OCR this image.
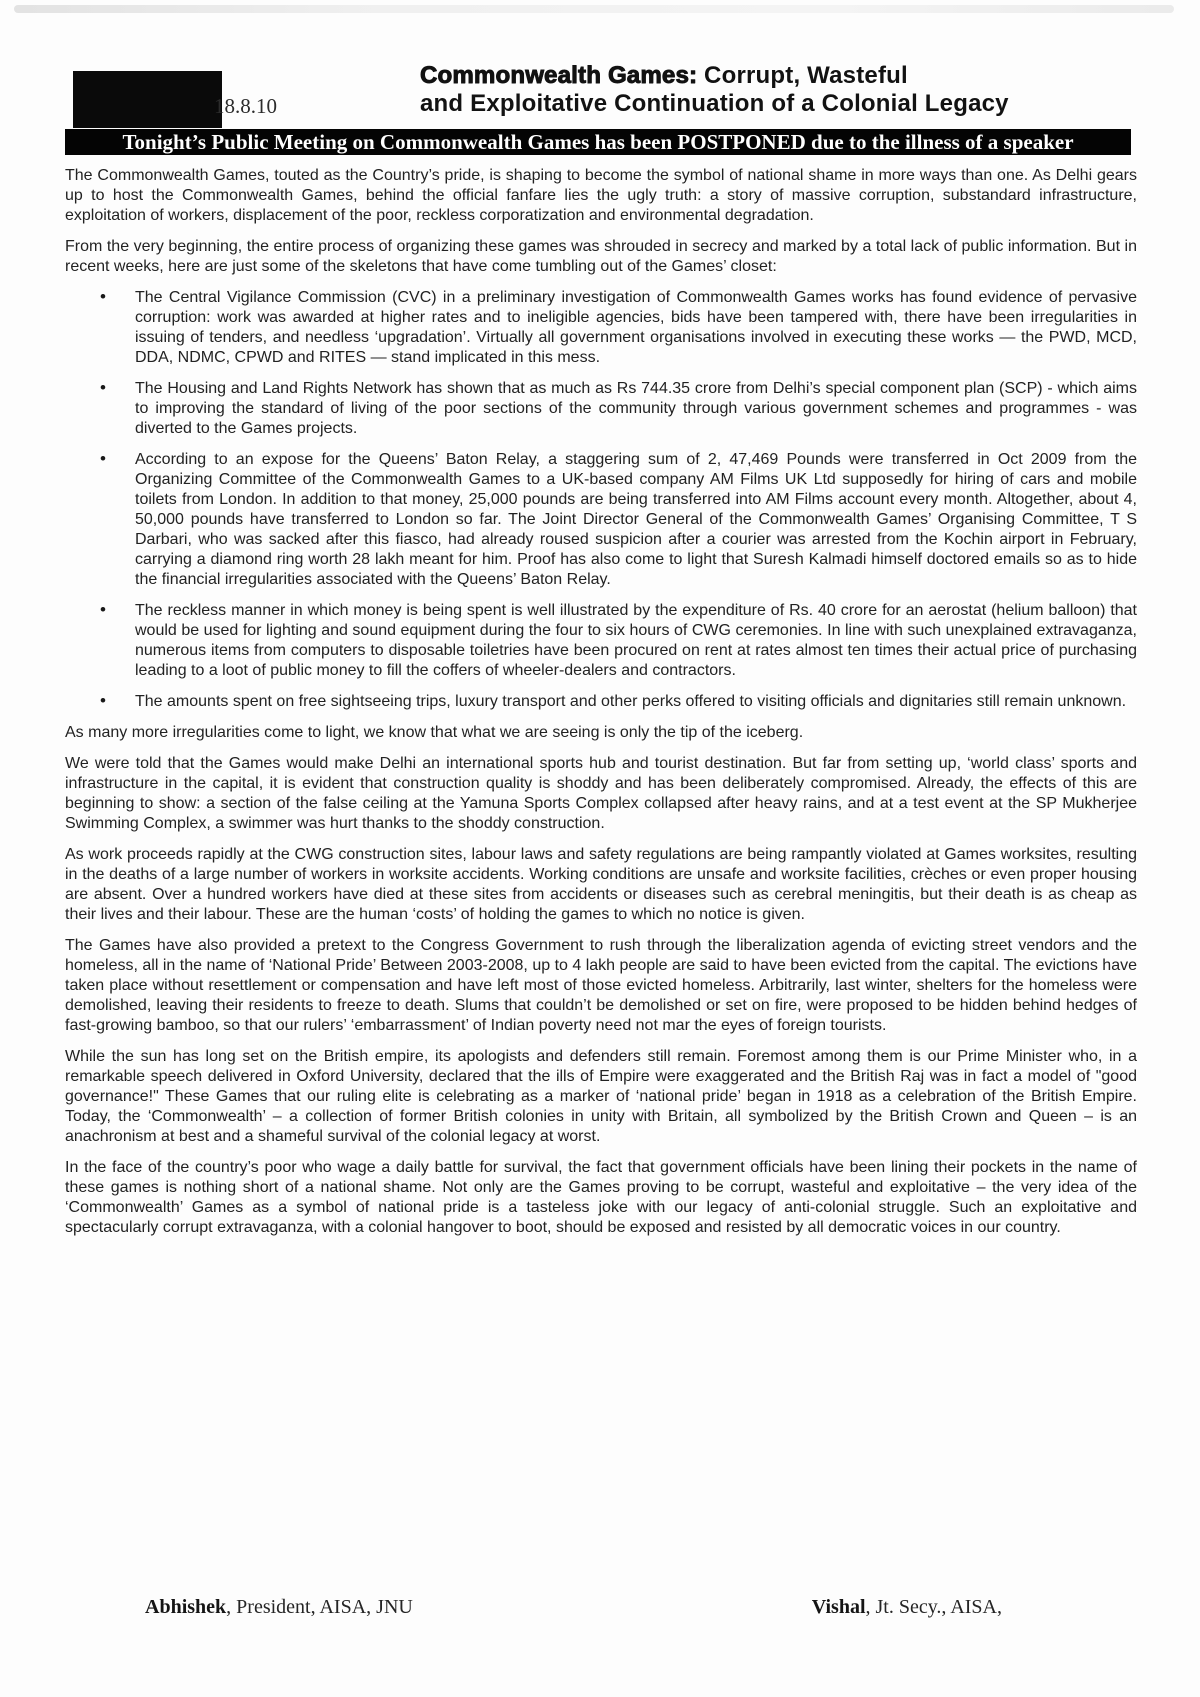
18.8.10
Commonwealth Games: Corrupt, Wasteful
and Exploitative Continuation of a Colonial Legacy
Tonight’s Public Meeting on Commonwealth Games has been POSTPONED due to the illness of a speaker

The Commonwealth Games, touted as the Country’s pride, is shaping to become the symbol of national shame in more ways than one. As Delhi gears up to host the Commonwealth Games, behind the official fanfare lies the ugly truth: a story of massive corruption, substandard infrastructure, exploitation of workers, displacement of the poor, reckless corporatization and environmental degradation.

From the very beginning, the entire process of organizing these games was shrouded in secrecy and marked by a total lack of public information. But in recent weeks, here are just some of the skeletons that have come tumbling out of the Games’ closet:

• The Central Vigilance Commission (CVC) in a preliminary investigation of Commonwealth Games works has found evidence of pervasive corruption: work was awarded at higher rates and to ineligible agencies, bids have been tampered with, there have been irregularities in issuing of tenders, and needless ‘upgradation’. Virtually all government organisations involved in executing these works — the PWD, MCD, DDA, NDMC, CPWD and RITES — stand implicated in this mess.
• The Housing and Land Rights Network has shown that as much as Rs 744.35 crore from Delhi’s special component plan (SCP) - which aims to improving the standard of living of the poor sections of the community through various government schemes and programmes - was diverted to the Games projects.
• According to an expose for the Queens’ Baton Relay, a staggering sum of 2, 47,469 Pounds were transferred in Oct 2009 from the Organizing Committee of the Commonwealth Games to a UK-based company AM Films UK Ltd supposedly for hiring of cars and mobile toilets from London. In addition to that money, 25,000 pounds are being transferred into AM Films account every month. Altogether, about 4, 50,000 pounds have transferred to London so far. The Joint Director General of the Commonwealth Games’ Organising Committee, T S Darbari, who was sacked after this fiasco, had already roused suspicion after a courier was arrested from the Kochin airport in February, carrying a diamond ring worth 28 lakh meant for him. Proof has also come to light that Suresh Kalmadi himself doctored emails so as to hide the financial irregularities associated with the Queens’ Baton Relay.
• The reckless manner in which money is being spent is well illustrated by the expenditure of Rs. 40 crore for an aerostat (helium balloon) that would be used for lighting and sound equipment during the four to six hours of CWG ceremonies. In line with such unexplained extravaganza, numerous items from computers to disposable toiletries have been procured on rent at rates almost ten times their actual price of purchasing leading to a loot of public money to fill the coffers of wheeler-dealers and contractors.
• The amounts spent on free sightseeing trips, luxury transport and other perks offered to visiting officials and dignitaries still remain unknown.

As many more irregularities come to light, we know that what we are seeing is only the tip of the iceberg.

We were told that the Games would make Delhi an international sports hub and tourist destination. But far from setting up, ‘world class’ sports and infrastructure in the capital, it is evident that construction quality is shoddy and has been deliberately compromised. Already, the effects of this are beginning to show: a section of the false ceiling at the Yamuna Sports Complex collapsed after heavy rains, and at a test event at the SP Mukherjee Swimming Complex, a swimmer was hurt thanks to the shoddy construction.

As work proceeds rapidly at the CWG construction sites, labour laws and safety regulations are being rampantly violated at Games worksites, resulting in the deaths of a large number of workers in worksite accidents. Working conditions are unsafe and worksite facilities, crèches or even proper housing are absent. Over a hundred workers have died at these sites from accidents or diseases such as cerebral meningitis, but their death is as cheap as their lives and their labour. These are the human ‘costs’ of holding the games to which no notice is given.

The Games have also provided a pretext to the Congress Government to rush through the liberalization agenda of evicting street vendors and the homeless, all in the name of ‘National Pride’ Between 2003-2008, up to 4 lakh people are said to have been evicted from the capital. The evictions have taken place without resettlement or compensation and have left most of those evicted homeless. Arbitrarily, last winter, shelters for the homeless were demolished, leaving their residents to freeze to death. Slums that couldn’t be demolished or set on fire, were proposed to be hidden behind hedges of fast-growing bamboo, so that our rulers’ ‘embarrassment’ of Indian poverty need not mar the eyes of foreign tourists.

While the sun has long set on the British empire, its apologists and defenders still remain. Foremost among them is our Prime Minister who, in a remarkable speech delivered in Oxford University, declared that the ills of Empire were exaggerated and the British Raj was in fact a model of "good governance!" These Games that our ruling elite is celebrating as a marker of ‘national pride’ began in 1918 as a celebration of the British Empire. Today, the ‘Commonwealth’ – a collection of former British colonies in unity with Britain, all symbolized by the British Crown and Queen – is an anachronism at best and a shameful survival of the colonial legacy at worst.

In the face of the country’s poor who wage a daily battle for survival, the fact that government officials have been lining their pockets in the name of these games is nothing short of a national shame. Not only are the Games proving to be corrupt, wasteful and exploitative – the very idea of the ‘Commonwealth’ Games as a symbol of national pride is a tasteless joke with our legacy of anti-colonial struggle. Such an exploitative and spectacularly corrupt extravaganza, with a colonial hangover to boot, should be exposed and resisted by all democratic voices in our country.

Abhishek, President, AISA, JNU	Vishal, Jt. Secy., AISA,
